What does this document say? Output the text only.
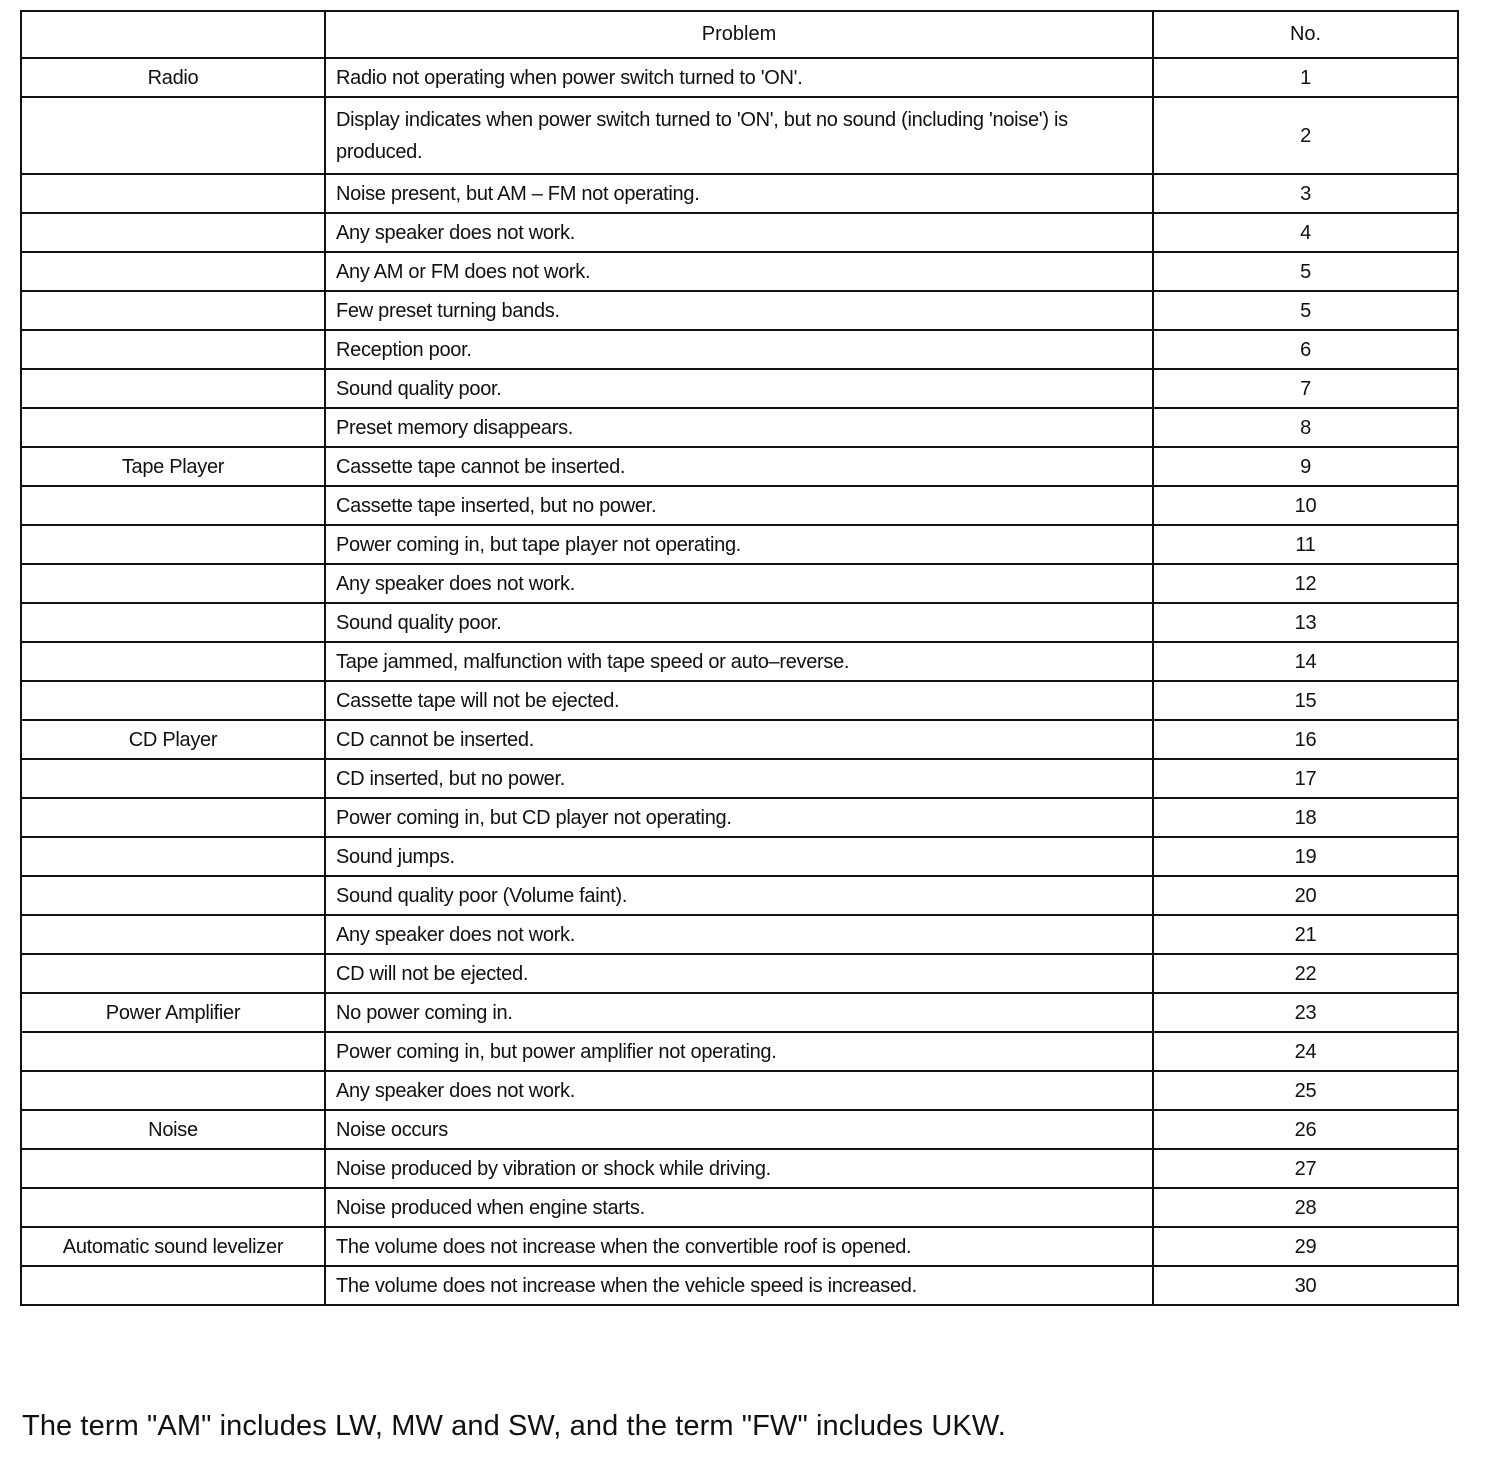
	Problem	No.
Radio	Radio not operating when power switch turned to 'ON'.	1
	Display indicates when power switch turned to 'ON', but no sound (including 'noise') is produced.	2
	Noise present, but AM – FM not operating.	3
	Any speaker does not work.	4
	Any AM or FM does not work.	5
	Few preset turning bands.	5
	Reception poor.	6
	Sound quality poor.	7
	Preset memory disappears.	8
Tape Player	Cassette tape cannot be inserted.	9
	Cassette tape inserted, but no power.	10
	Power coming in, but tape player not operating.	11
	Any speaker does not work.	12
	Sound quality poor.	13
	Tape jammed, malfunction with tape speed or auto–reverse.	14
	Cassette tape will not be ejected.	15
CD Player	CD cannot be inserted.	16
	CD inserted, but no power.	17
	Power coming in, but CD player not operating.	18
	Sound jumps.	19
	Sound quality poor (Volume faint).	20
	Any speaker does not work.	21
	CD will not be ejected.	22
Power Amplifier	No power coming in.	23
	Power coming in, but power amplifier not operating.	24
	Any speaker does not work.	25
Noise	Noise occurs	26
	Noise produced by vibration or shock while driving.	27
	Noise produced when engine starts.	28
Automatic sound levelizer	The volume does not increase when the convertible roof is opened.	29
	The volume does not increase when the vehicle speed is increased.	30

The term "AM" includes LW, MW and SW, and the term "FW" includes UKW.
